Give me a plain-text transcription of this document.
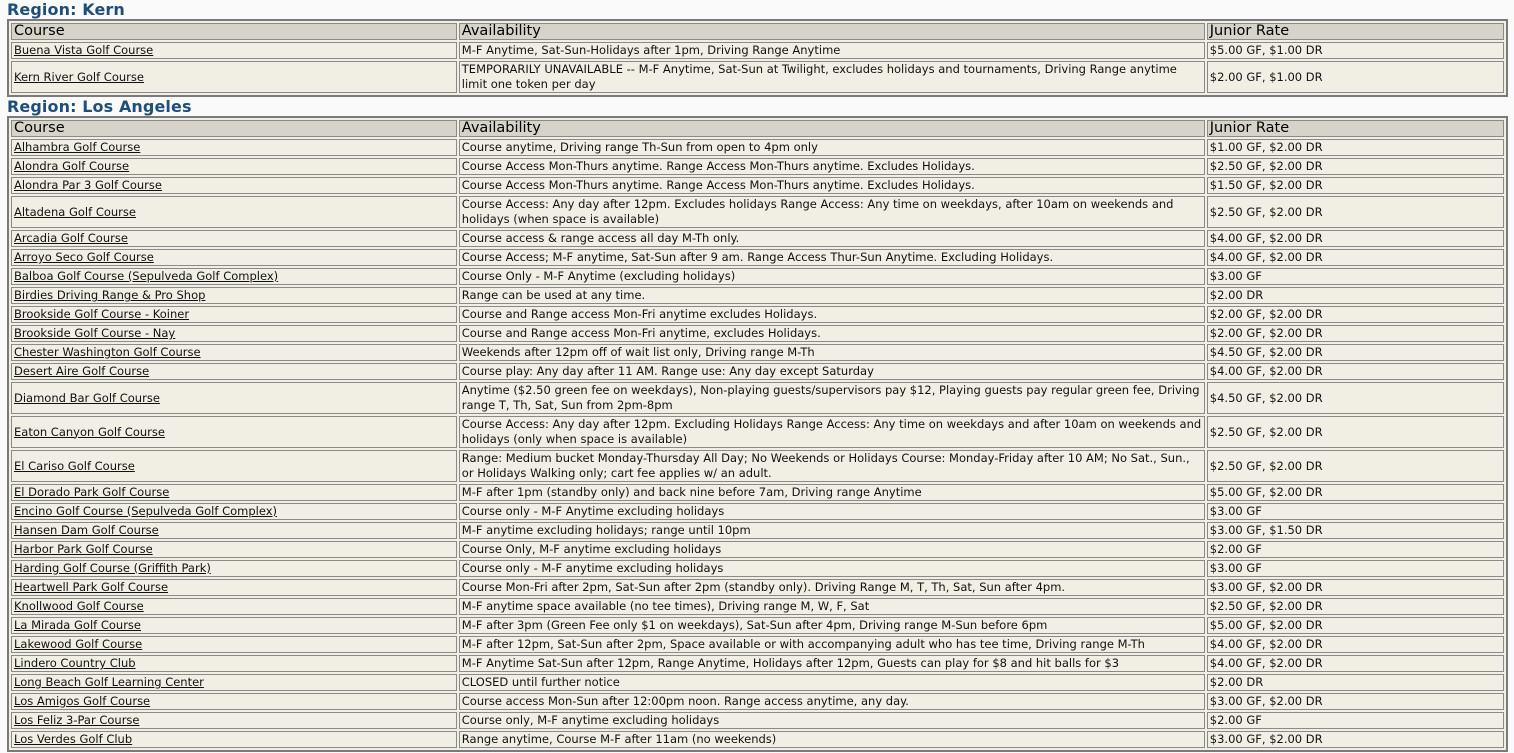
Region: Kern
Course	Availability	Junior Rate
Buena Vista Golf Course	M-F Anytime, Sat-Sun-Holidays after 1pm, Driving Range Anytime	$5.00 GF, $1.00 DR
Kern River Golf Course	TEMPORARILY UNAVAILABLE -- M-F Anytime, Sat-Sun at Twilight, excludes holidays and tournaments, Driving Range anytime limit one token per day	$2.00 GF, $1.00 DR
Region: Los Angeles
Course	Availability	Junior Rate
Alhambra Golf Course	Course anytime, Driving range Th-Sun from open to 4pm only	$1.00 GF, $2.00 DR
Alondra Golf Course	Course Access Mon-Thurs anytime. Range Access Mon-Thurs anytime. Excludes Holidays.	$2.50 GF, $2.00 DR
Alondra Par 3 Golf Course	Course Access Mon-Thurs anytime. Range Access Mon-Thurs anytime. Excludes Holidays.	$1.50 GF, $2.00 DR
Altadena Golf Course	Course Access: Any day after 12pm. Excludes holidays Range Access: Any time on weekdays, after 10am on weekends and holidays (when space is available)	$2.50 GF, $2.00 DR
Arcadia Golf Course	Course access & range access all day M-Th only.	$4.00 GF, $2.00 DR
Arroyo Seco Golf Course	Course Access; M-F anytime, Sat-Sun after 9 am. Range Access Thur-Sun Anytime. Excluding Holidays.	$4.00 GF, $2.00 DR
Balboa Golf Course (Sepulveda Golf Complex)	Course Only - M-F Anytime (excluding holidays)	$3.00 GF
Birdies Driving Range & Pro Shop	Range can be used at any time.	$2.00 DR
Brookside Golf Course - Koiner	Course and Range access Mon-Fri anytime excludes Holidays.	$2.00 GF, $2.00 DR
Brookside Golf Course - Nay	Course and Range access Mon-Fri anytime, excludes Holidays.	$2.00 GF, $2.00 DR
Chester Washington Golf Course	Weekends after 12pm off of wait list only, Driving range M-Th	$4.50 GF, $2.00 DR
Desert Aire Golf Course	Course play: Any day after 11 AM. Range use: Any day except Saturday	$4.00 GF, $2.00 DR
Diamond Bar Golf Course	Anytime ($2.50 green fee on weekdays), Non-playing guests/supervisors pay $12, Playing guests pay regular green fee, Driving range T, Th, Sat, Sun from 2pm-8pm	$4.50 GF, $2.00 DR
Eaton Canyon Golf Course	Course Access: Any day after 12pm. Excluding Holidays Range Access: Any time on weekdays and after 10am on weekends and holidays (only when space is available)	$2.50 GF, $2.00 DR
El Cariso Golf Course	Range: Medium bucket Monday-Thursday All Day; No Weekends or Holidays Course: Monday-Friday after 10 AM; No Sat., Sun., or Holidays Walking only; cart fee applies w/ an adult.	$2.50 GF, $2.00 DR
El Dorado Park Golf Course	M-F after 1pm (standby only) and back nine before 7am, Driving range Anytime	$5.00 GF, $2.00 DR
Encino Golf Course (Sepulveda Golf Complex)	Course only - M-F Anytime excluding holidays	$3.00 GF
Hansen Dam Golf Course	M-F anytime excluding holidays; range until 10pm	$3.00 GF, $1.50 DR
Harbor Park Golf Course	Course Only, M-F anytime excluding holidays	$2.00 GF
Harding Golf Course (Griffith Park)	Course only - M-F anytime excluding holidays	$3.00 GF
Heartwell Park Golf Course	Course Mon-Fri after 2pm, Sat-Sun after 2pm (standby only). Driving Range M, T, Th, Sat, Sun after 4pm.	$3.00 GF, $2.00 DR
Knollwood Golf Course	M-F anytime space available (no tee times), Driving range M, W, F, Sat	$2.50 GF, $2.00 DR
La Mirada Golf Course	M-F after 3pm (Green Fee only $1 on weekdays), Sat-Sun after 4pm, Driving range M-Sun before 6pm	$5.00 GF, $2.00 DR
Lakewood Golf Course	M-F after 12pm, Sat-Sun after 2pm, Space available or with accompanying adult who has tee time, Driving range M-Th	$4.00 GF, $2.00 DR
Lindero Country Club	M-F Anytime Sat-Sun after 12pm, Range Anytime, Holidays after 12pm, Guests can play for $8 and hit balls for $3	$4.00 GF, $2.00 DR
Long Beach Golf Learning Center	CLOSED until further notice	$2.00 DR
Los Amigos Golf Course	Course access Mon-Sun after 12:00pm noon. Range access anytime, any day.	$3.00 GF, $2.00 DR
Los Feliz 3-Par Course	Course only, M-F anytime excluding holidays	$2.00 GF
Los Verdes Golf Club	Range anytime, Course M-F after 11am (no weekends)	$3.00 GF, $2.00 DR
